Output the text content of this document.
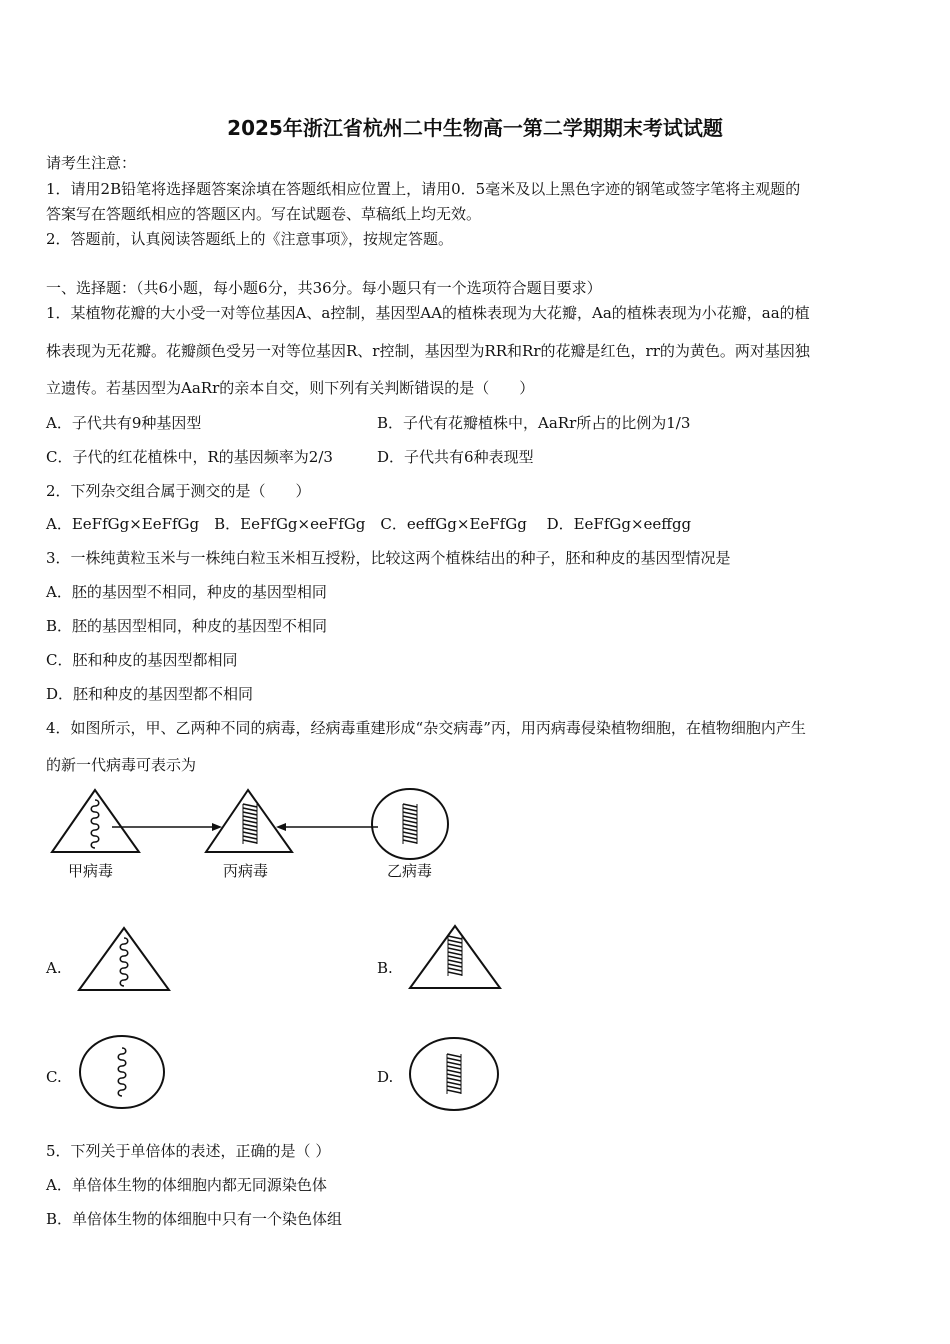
2025年浙江省杭州二中生物高一第二学期期末考试试题
请考生注意：
1．请用2B铅笔将选择题答案涂填在答题纸相应位置上，请用0．5毫米及以上黑色字迹的钢笔或签字笔将主观题的
答案写在答题纸相应的答题区内。写在试题卷、草稿纸上均无效。
2．答题前，认真阅读答题纸上的《注意事项》，按规定答题。
一、选择题：（共6小题，每小题6分，共36分。每小题只有一个选项符合题目要求）
1．某植物花瓣的大小受一对等位基因A、a控制，基因型AA的植株表现为大花瓣，Aa的植株表现为小花瓣，aa的植
株表现为无花瓣。花瓣颜色受另一对等位基因R、r控制，基因型为RR和Rr的花瓣是红色，rr的为黄色。两对基因独
立遗传。若基因型为AaRr的亲本自交，则下列有关判断错误的是（　　）
A．子代共有9种基因型	B．子代有花瓣植株中，AaRr所占的比例为1/3
C．子代的红花植株中，R的基因频率为2/3	D．子代共有6种表现型
2．下列杂交组合属于测交的是（　　）
A．EeFfGg×EeFfGg　B．EeFfGg×eeFfGg　C．eeffGg×EeFfGg　 D．EeFfGg×eeffgg
3．一株纯黄粒玉米与一株纯白粒玉米相互授粉，比较这两个植株结出的种子，胚和种皮的基因型情况是
A．胚的基因型不相同，种皮的基因型相同
B．胚的基因型相同，种皮的基因型不相同
C．胚和种皮的基因型都相同
D．胚和种皮的基因型都不相同
4．如图所示，甲、乙两种不同的病毒，经病毒重建形成“杂交病毒”丙，用丙病毒侵染植物细胞，在植物细胞内产生
的新一代病毒可表示为
甲病毒	丙病毒	乙病毒
A.	B.
C.	D.
5．下列关于单倍体的表述，正确的是（ ）
A．单倍体生物的体细胞内都无同源染色体
B．单倍体生物的体细胞中只有一个染色体组
